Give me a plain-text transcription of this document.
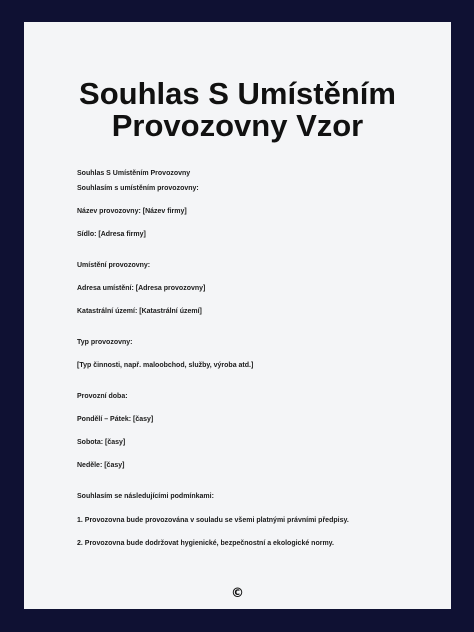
Souhlas S Umístěním
Provozovny Vzor
Souhlas S Umístěním Provozovny
Souhlasím s umístěním provozovny:
Název provozovny: [Název firmy]
Sídlo: [Adresa firmy]
Umístění provozovny:
Adresa umístění: [Adresa provozovny]
Katastrální území: [Katastrální území]
Typ provozovny:
[Typ činnosti, např. maloobchod, služby, výroba atd.]
Provozní doba:
Pondělí – Pátek: [časy]
Sobota: [časy]
Neděle: [časy]
Souhlasím se následujícími podmínkami:
1. Provozovna bude provozována v souladu se všemi platnými právními předpisy.
2. Provozovna bude dodržovat hygienické, bezpečnostní a ekologické normy.
©
